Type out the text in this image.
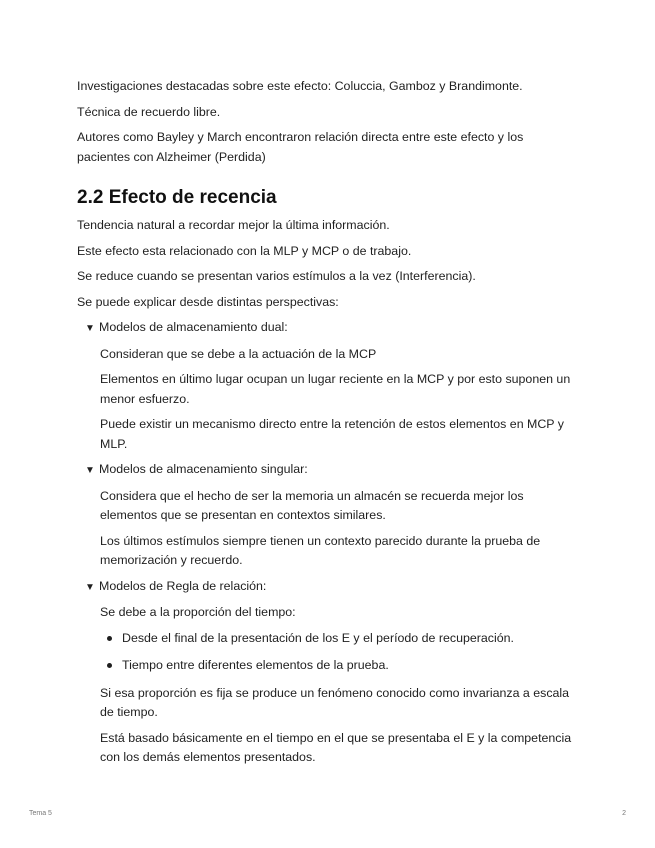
Investigaciones destacadas sobre este efecto: Coluccia, Gamboz y Brandimonte.

Técnica de recuerdo libre.

Autores como Bayley y March encontraron relación directa entre este efecto y los pacientes con Alzheimer (Perdida)

2.2 Efecto de recencia

Tendencia natural a recordar mejor la última información.

Este efecto esta relacionado con la MLP y MCP o de trabajo.

Se reduce cuando se presentan varios estímulos a la vez (Interferencia).

Se puede explicar desde distintas perspectivas:

▼ Modelos de almacenamiento dual:

Consideran que se debe a la actuación de la MCP

Elementos en último lugar ocupan un lugar reciente en la MCP y por esto suponen un menor esfuerzo.

Puede existir un mecanismo directo entre la retención de estos elementos en MCP y MLP.

▼ Modelos de almacenamiento singular:

Considera que el hecho de ser la memoria un almacén se recuerda mejor los elementos que se presentan en contextos similares.

Los últimos estímulos siempre tienen un contexto parecido durante la prueba de memorización y recuerdo.

▼ Modelos de Regla de relación:

Se debe a la proporción del tiempo:

Desde el final de la presentación de los E y el período de recuperación.
Tiempo entre diferentes elementos de la prueba.

Si esa proporción es fija se produce un fenómeno conocido como invarianza a escala de tiempo.

Está basado básicamente en el tiempo en el que se presentaba el E y la competencia con los demás elementos presentados.

Tema 5	2
